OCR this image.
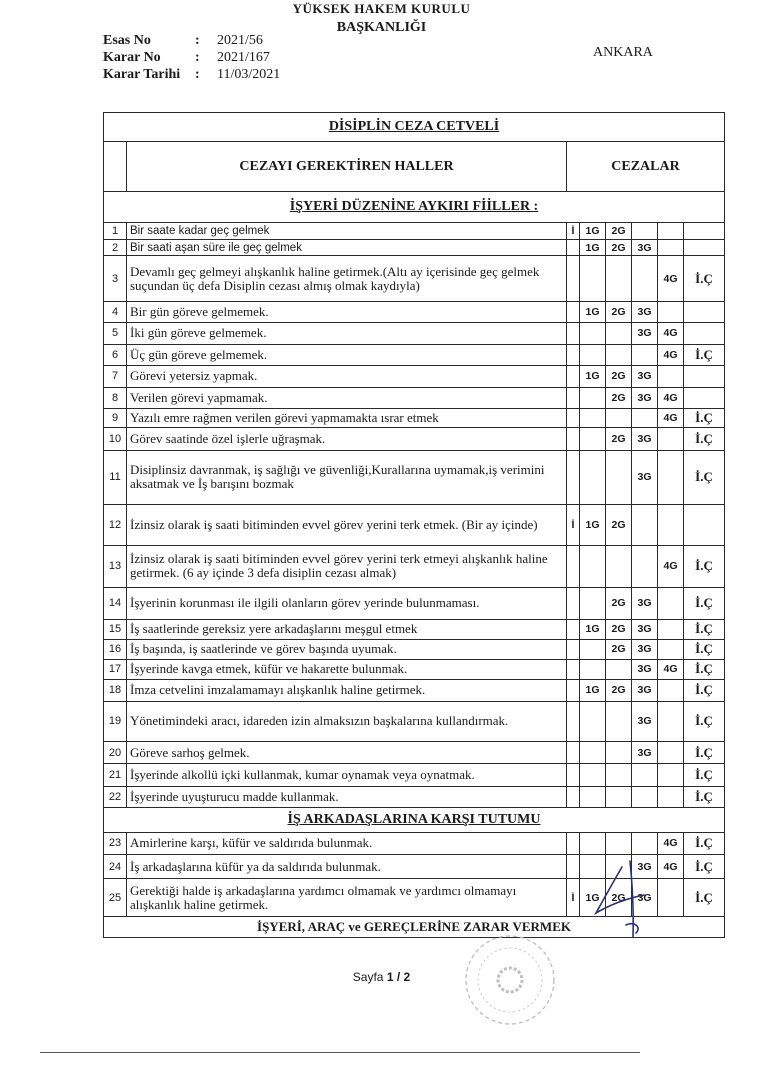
YÜKSEK HAKEM KURULU
BAŞKANLIĞI
Esas No	:	2021/56
Karar No	:	2021/167
Karar Tarihi	:	11/03/2021
ANKARA
DİSİPLİN CEZA CETVELİ							
	CEZAYI GEREKTİREN HALLER	CEZALAR					
İŞYERİ DÜZENİNE AYKIRI FİİLLER :							
1	Bir saate kadar geç gelmek	İ	1G	2G			
2	Bir saati aşan süre ile geç gelmek		1G	2G	3G		
3	Devamlı geç gelmeyi alışkanlık haline getirmek.(Altı ay içerisinde geç gelmek suçundan üç defa Disiplin cezası almış olmak kaydıyla)					4G	İ.Ç
4	Bir gün göreve gelmemek.		1G	2G	3G		
5	İki gün göreve gelmemek.				3G	4G	
6	Üç gün göreve gelmemek.					4G	İ.Ç
7	Görevi yetersiz yapmak.		1G	2G	3G		
8	Verilen görevi yapmamak.			2G	3G	4G	
9	Yazılı emre rağmen verilen görevi yapmamakta ısrar etmek					4G	İ.Ç
10	Görev saatinde özel işlerle uğraşmak.			2G	3G		İ.Ç
11	Disiplinsiz davranmak, iş sağlığı ve güvenliği,Kurallarına uymamak,iş verimini aksatmak ve İş barışını bozmak				3G		İ.Ç
12	İzinsiz olarak iş saati bitiminden evvel görev yerini terk etmek. (Bir ay içinde)	İ	1G	2G			
13	İzinsiz olarak iş saati bitiminden evvel görev yerini terk etmeyi alışkanlık haline getirmek. (6 ay içinde 3 defa disiplin cezası almak)					4G	İ.Ç
14	İşyerinin korunması ile ilgili olanların görev yerinde bulunmaması.			2G	3G		İ.Ç
15	İş saatlerinde gereksiz yere arkadaşlarını meşgul etmek		1G	2G	3G		İ.Ç
16	İş başında, iş saatlerinde ve görev başında uyumak.			2G	3G		İ.Ç
17	İşyerinde kavga etmek, küfür ve hakarette bulunmak.				3G	4G	İ.Ç
18	İmza cetvelini imzalamamayı alışkanlık haline getirmek.		1G	2G	3G		İ.Ç
19	Yönetimindeki aracı, idareden izin almaksızın başkalarına kullandırmak.				3G		İ.Ç
20	Göreve sarhoş gelmek.				3G		İ.Ç
21	İşyerinde alkollü içki kullanmak, kumar oynamak veya oynatmak.						İ.Ç
22	İşyerinde uyuşturucu madde kullanmak.						İ.Ç
İŞ ARKADAŞLARINA KARŞI TUTUMU							
23	Amirlerine karşı, küfür ve saldırıda bulunmak.					4G	İ.Ç
24	İş arkadaşlarına küfür ya da saldırıda bulunmak.				3G	4G	İ.Ç
25	Gerektiği halde iş arkadaşlarına yardımcı olmamak ve yardımcı olmamayı alışkanlık haline getirmek.	İ	1G	2G	3G		İ.Ç
İŞYERİ, ARAÇ ve GEREÇLERİNE ZARAR VERMEK							
Sayfa 1 / 2
